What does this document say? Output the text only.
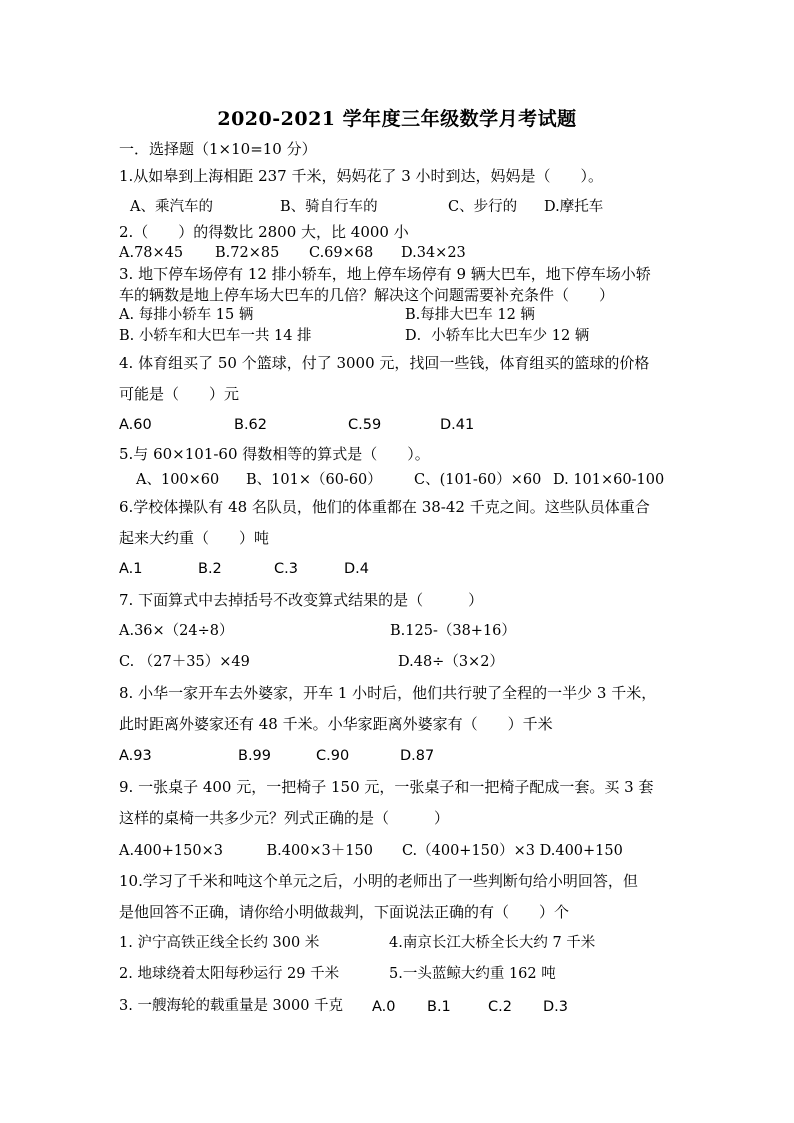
2020-2021 学年度三年级数学月考试题
一．选择题（1×10=10 分）
1.从如皋到上海相距 237 千米，妈妈花了 3 小时到达，妈妈是（　　）。
A、乘汽车的	B、骑自行车的	C、步行的 D.摩托车
2.（　　）的得数比 2800 大，比 4000 小
A.78×45 B.72×85 C.69×68 D.34×23
3. 地下停车场停有 12 排小轿车，地上停车场停有 9 辆大巴车，地下停车场小轿
车的辆数是地上停车场大巴车的几倍？解决这个问题需要补充条件（　　）
A. 每排小轿车 15 辆	B.每排大巴车 12 辆
B. 小轿车和大巴车一共 14 排	D．小轿车比大巴车少 12 辆
4. 体育组买了 50 个篮球，付了 3000 元，找回一些钱，体育组买的篮球的价格
可能是（　　）元
A.60	B.62	C.59	D.41
5.与 60×101-60 得数相等的算式是（　　）。
A、100×60 B、101×（60-60） C、(101-60）×60 D. 101×60-100
6.学校体操队有 48 名队员，他们的体重都在 38-42 千克之间。这些队员体重合
起来大约重（　　）吨
A.1	B.2	C.3	D.4
7. 下面算式中去掉括号不改变算式结果的是（　　　）
A.36×（24÷8）	B.125-（38+16）
C. （27＋35）×49	D.48÷（3×2）
8. 小华一家开车去外婆家，开车 1 小时后，他们共行驶了全程的一半少 3 千米，
此时距离外婆家还有 48 千米。小华家距离外婆家有（　　）千米
A.93	B.99	C.90	D.87
9. 一张桌子 400 元，一把椅子 150 元，一张桌子和一把椅子配成一套。买 3 套
这样的桌椅一共多少元？列式正确的是（　　　）
A.400+150×3　　　B.400×3＋150　　C.（400+150）×3 D.400+150
10.学习了千米和吨这个单元之后，小明的老师出了一些判断句给小明回答，但
是他回答不正确，请你给小明做裁判，下面说法正确的有（　　）个
1. 沪宁高铁正线全长约 300 米	4.南京长江大桥全长大约 7 千米
2. 地球绕着太阳每秒运行 29 千米	5.一头蓝鲸大约重 162 吨
3. 一艘海轮的载重量是 3000 千克 A.0 B.1	C.2 D.3
